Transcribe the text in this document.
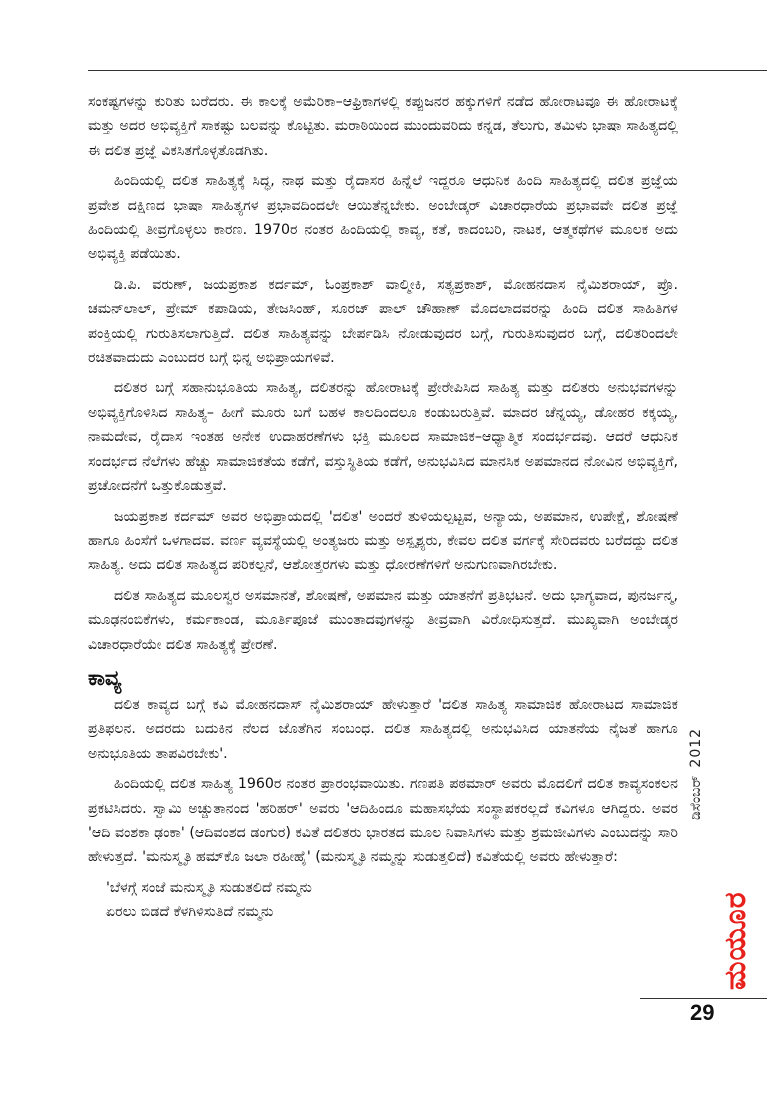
ಸಂಕಷ್ಟಗಳನ್ನು ಕುರಿತು ಬರೆದರು. ಈ ಕಾಲಕ್ಕೆ ಅಮೆರಿಕಾ–ಆಫ್ರಿಕಾಗಳಲ್ಲಿ ಕಪ್ಪುಜನರ ಹಕ್ಕುಗಳಿಗೆ ನಡೆದ ಹೋರಾಟವೂ ಈ ಹೋರಾಟಕ್ಕೆ ಮತ್ತು ಅದರ ಅಭಿವ್ಯಕ್ತಿಗೆ ಸಾಕಷ್ಟು ಬಲವನ್ನು ಕೊಟ್ಟಿತು. ಮರಾಠಿಯಿಂದ ಮುಂದುವರಿದು ಕನ್ನಡ, ತೆಲುಗು, ತಮಿಳು ಭಾಷಾ ಸಾಹಿತ್ಯದಲ್ಲಿ ಈ ದಲಿತ ಪ್ರಜ್ಞೆ ವಿಕಸಿತಗೊಳ್ಳತೊಡಗಿತು.

ಹಿಂದಿಯಲ್ಲಿ ದಲಿತ ಸಾಹಿತ್ಯಕ್ಕೆ ಸಿದ್ಧ, ನಾಥ ಮತ್ತು ರೈದಾಸರ ಹಿನ್ನೆಲೆ ಇದ್ದರೂ ಆಧುನಿಕ ಹಿಂದಿ ಸಾಹಿತ್ಯದಲ್ಲಿ ದಲಿತ ಪ್ರಜ್ಞೆಯ ಪ್ರವೇಶ ದಕ್ಷಿಣದ ಭಾಷಾ ಸಾಹಿತ್ಯಗಳ ಪ್ರಭಾವದಿಂದಲೇ ಆಯಿತೆನ್ನಬೇಕು. ಅಂಬೇಡ್ಕರ್ ವಿಚಾರಧಾರೆಯ ಪ್ರಭಾವವೇ ದಲಿತ ಪ್ರಜ್ಞೆ ಹಿಂದಿಯಲ್ಲಿ ತೀವ್ರಗೊಳ್ಳಲು ಕಾರಣ. 1970ರ ನಂತರ ಹಿಂದಿಯಲ್ಲಿ ಕಾವ್ಯ, ಕತೆ, ಕಾದಂಬರಿ, ನಾಟಕ, ಆತ್ಮಕಥೆಗಳ ಮೂಲಕ ಅದು ಅಭಿವ್ಯಕ್ತಿ ಪಡೆಯಿತು.

ಡಿ.ಪಿ. ವರುಣ್, ಜಯಪ್ರಕಾಶ ಕರ್ದಮ್, ಓಂಪ್ರಕಾಶ್ ವಾಲ್ಮೀಕಿ, ಸತ್ಯಪ್ರಕಾಶ್, ಮೋಹನದಾಸ ನೈಮಿಶರಾಯ್, ಪ್ರೊ. ಚಮನ್‌ಲಾಲ್, ಪ್ರೇಮ್ ಕಪಾಡಿಯ, ತೇಜಸಿಂಹ್, ಸೂರಜ್ ಪಾಲ್ ಚೌಹಾಣ್ ಮೊದಲಾದವರನ್ನು ಹಿಂದಿ ದಲಿತ ಸಾಹಿತಿಗಳ ಪಂಕ್ತಿಯಲ್ಲಿ ಗುರುತಿಸಲಾಗುತ್ತಿದೆ. ದಲಿತ ಸಾಹಿತ್ಯವನ್ನು ಬೇರ್ಪಡಿಸಿ ನೋಡುವುದರ ಬಗ್ಗೆ, ಗುರುತಿಸುವುದರ ಬಗ್ಗೆ, ದಲಿತರಿಂದಲೇ ರಚಿತವಾದುದು ಎಂಬುದರ ಬಗ್ಗೆ ಭಿನ್ನ ಅಭಿಪ್ರಾಯಗಳಿವೆ.

ದಲಿತರ ಬಗ್ಗೆ ಸಹಾನುಭೂತಿಯ ಸಾಹಿತ್ಯ, ದಲಿತರನ್ನು ಹೋರಾಟಕ್ಕೆ ಪ್ರೇರೇಪಿಸಿದ ಸಾಹಿತ್ಯ ಮತ್ತು ದಲಿತರು ಅನುಭವಗಳನ್ನು ಅಭಿವ್ಯಕ್ತಿಗೊಳಿಸಿದ ಸಾಹಿತ್ಯ– ಹೀಗೆ ಮೂರು ಬಗೆ ಬಹಳ ಕಾಲದಿಂದಲೂ ಕಂಡುಬರುತ್ತಿವೆ. ಮಾದರ ಚೆನ್ನಯ್ಯ, ಡೋಹರ ಕಕ್ಕಯ್ಯ, ನಾಮದೇವ, ರೈದಾಸ ಇಂತಹ ಅನೇಕ ಉದಾಹರಣೆಗಳು ಭಕ್ತಿ ಮೂಲದ ಸಾಮಾಜಿಕ–ಆಧ್ಯಾತ್ಮಿಕ ಸಂದರ್ಭದವು. ಆದರೆ ಆಧುನಿಕ ಸಂದರ್ಭದ ನೆಲೆಗಳು ಹೆಚ್ಚು ಸಾಮಾಜಿಕತೆಯ ಕಡೆಗೆ, ವಸ್ತುಸ್ಥಿತಿಯ ಕಡೆಗೆ, ಅನುಭವಿಸಿದ ಮಾನಸಿಕ ಅಪಮಾನದ ನೋವಿನ ಅಭಿವ್ಯಕ್ತಿಗೆ, ಪ್ರಚೋದನೆಗೆ ಒತ್ತುಕೊಡುತ್ತವೆ.

ಜಯಪ್ರಕಾಶ ಕರ್ದಮ್ ಅವರ ಅಭಿಪ್ರಾಯದಲ್ಲಿ 'ದಲಿತ' ಅಂದರೆ ತುಳಿಯಲ್ಪಟ್ಟವ, ಅನ್ಯಾಯ, ಅಪಮಾನ, ಉಪೇಕ್ಷೆ, ಶೋಷಣೆ ಹಾಗೂ ಹಿಂಸೆಗೆ ಒಳಗಾದವ. ವರ್ಣ ವ್ಯವಸ್ಥೆಯಲ್ಲಿ ಅಂತ್ಯಜರು ಮತ್ತು ಅಸ್ಪೃಶ್ಯರು, ಕೇವಲ ದಲಿತ ವರ್ಗಕ್ಕೆ ಸೇರಿದವರು ಬರೆದದ್ದು ದಲಿತ ಸಾಹಿತ್ಯ. ಅದು ದಲಿತ ಸಾಹಿತ್ಯದ ಪರಿಕಲ್ಪನೆ, ಆಶೋತ್ತರಗಳು ಮತ್ತು ಧೋರಣೆಗಳಿಗೆ ಅನುಗುಣವಾಗಿರಬೇಕು.

ದಲಿತ ಸಾಹಿತ್ಯದ ಮೂಲಸ್ವರ ಅಸಮಾನತೆ, ಶೋಷಣೆ, ಅಪಮಾನ ಮತ್ತು ಯಾತನೆಗೆ ಪ್ರತಿಭಟನೆ. ಅದು ಭಾಗ್ಯವಾದ, ಪುನರ್ಜನ್ಮ, ಮೂಢನಂಬಿಕೆಗಳು, ಕರ್ಮಕಾಂಡ, ಮೂರ್ತಿಪೂಜೆ ಮುಂತಾದವುಗಳನ್ನು ತೀವ್ರವಾಗಿ ವಿರೋಧಿಸುತ್ತದೆ. ಮುಖ್ಯವಾಗಿ ಅಂಬೇಡ್ಕರ ವಿಚಾರಧಾರೆಯೇ ದಲಿತ ಸಾಹಿತ್ಯಕ್ಕೆ ಪ್ರೇರಣೆ.

ಕಾವ್ಯ

ದಲಿತ ಕಾವ್ಯದ ಬಗ್ಗೆ ಕವಿ ಮೋಹನದಾಸ್ ನೈಮಿಶರಾಯ್ ಹೇಳುತ್ತಾರೆ 'ದಲಿತ ಸಾಹಿತ್ಯ ಸಾಮಾಜಿಕ ಹೋರಾಟದ ಸಾಮಾಜಿಕ ಪ್ರತಿಫಲನ. ಅದರದು ಬದುಕಿನ ನೆಲದ ಜೊತೆಗಿನ ಸಂಬಂಧ. ದಲಿತ ಸಾಹಿತ್ಯದಲ್ಲಿ ಅನುಭವಿಸಿದ ಯಾತನೆಯ ನೈಜತೆ ಹಾಗೂ ಅನುಭೂತಿಯ ತಾಪವಿರಬೇಕು'.

ಹಿಂದಿಯಲ್ಲಿ ದಲಿತ ಸಾಹಿತ್ಯ 1960ರ ನಂತರ ಪ್ರಾರಂಭವಾಯಿತು. ಗಣಪತಿ ಪಠಮಾರ್ ಅವರು ಮೊದಲಿಗೆ ದಲಿತ ಕಾವ್ಯಸಂಕಲನ ಪ್ರಕಟಿಸಿದರು. ಸ್ವಾಮಿ ಅಚ್ಚುತಾನಂದ 'ಹರಿಹರ್' ಅವರು 'ಆದಿಹಿಂದೂ ಮಹಾಸಭೆಯ ಸಂಸ್ಥಾಪಕರಲ್ಲದೆ ಕವಿಗಳೂ ಆಗಿದ್ದರು. ಅವರ 'ಆದಿ ವಂಶಕಾ ಢಂಕಾ' (ಆದಿವಂಶದ ಡಂಗುರ) ಕವಿತೆ ದಲಿತರು ಭಾರತದ ಮೂಲ ನಿವಾಸಿಗಳು ಮತ್ತು ಶ್ರಮಜೀವಿಗಳು ಎಂಬುದನ್ನು ಸಾರಿ ಹೇಳುತ್ತದೆ. 'ಮನುಸ್ಮೃತಿ ಹಮ್‌ಕೊ ಜಲಾ ರಹೀಹೈ' (ಮನುಸ್ಮೃತಿ ನಮ್ಮನ್ನು ಸುಡುತ್ತಲಿದೆ) ಕವಿತೆಯಲ್ಲಿ ಅವರು ಹೇಳುತ್ತಾರೆ:

'ಬೆಳಗ್ಗೆ ಸಂಜೆ ಮನುಸ್ಮೃತಿ ಸುಡುತಲಿದೆ ನಮ್ಮನು
ಏರಲು ಬಿಡದೆ ಕೆಳಗಿಳಿಸುತಿದೆ ನಮ್ಮನು
ಡಿಸೆಂಬರ್2012
ಮಯೂರ
29
